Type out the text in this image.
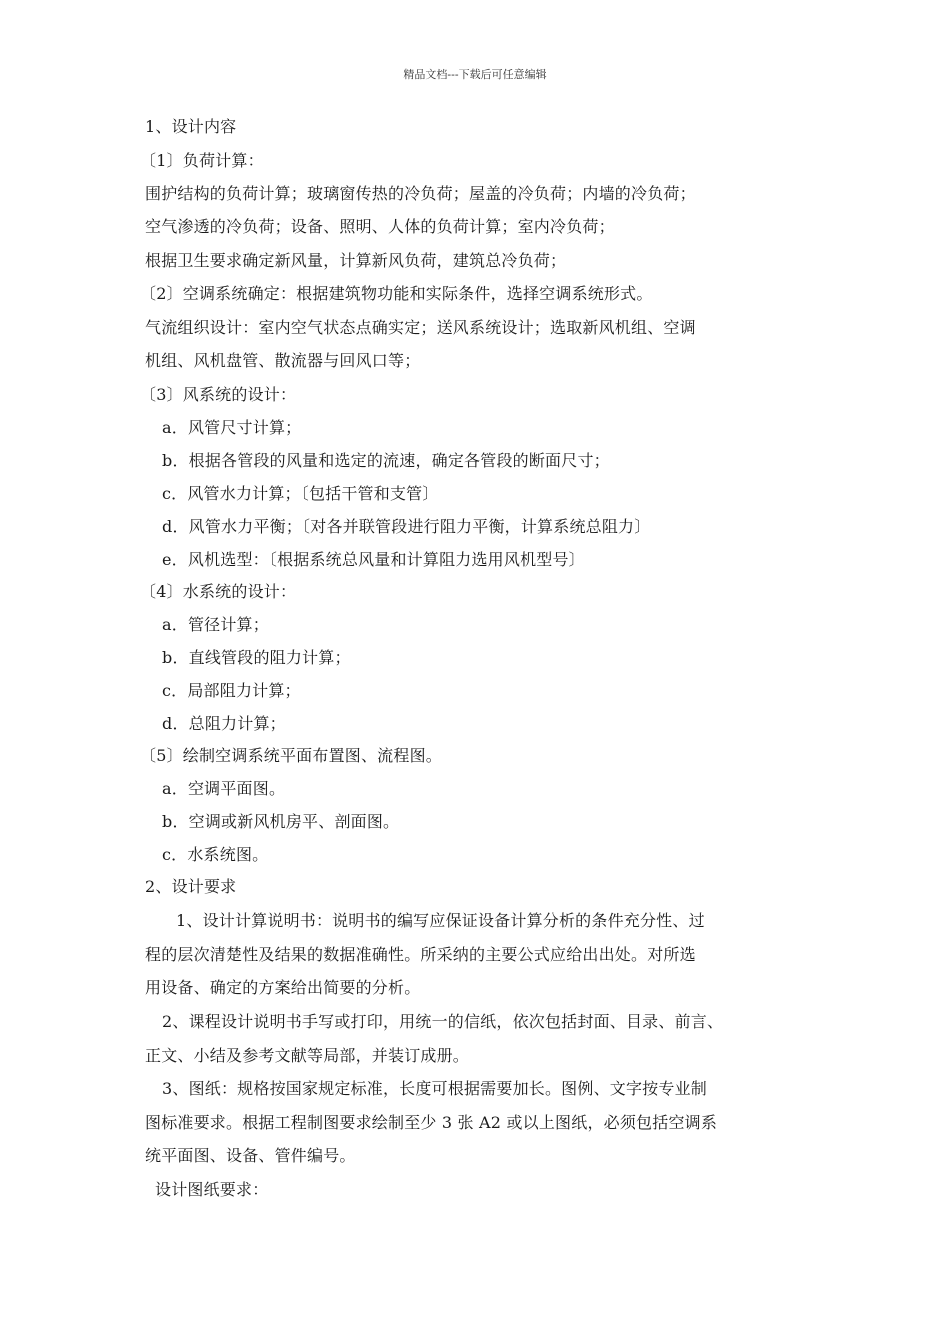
精品文档---下载后可任意编辑
1、设计内容
〔1〕负荷计算：
围护结构的负荷计算；玻璃窗传热的冷负荷；屋盖的冷负荷；内墙的冷负荷；
空气渗透的冷负荷；设备、照明、人体的负荷计算；室内冷负荷；
根据卫生要求确定新风量，计算新风负荷，建筑总冷负荷；
〔2〕空调系统确定：根据建筑物功能和实际条件，选择空调系统形式。
气流组织设计：室内空气状态点确实定；送风系统设计；选取新风机组、空调
机组、风机盘管、散流器与回风口等；
〔3〕风系统的设计：
a．风管尺寸计算；
b．根据各管段的风量和选定的流速，确定各管段的断面尺寸；
c．风管水力计算；〔包括干管和支管〕
d．风管水力平衡；〔对各并联管段进行阻力平衡，计算系统总阻力〕
e．风机选型：〔根据系统总风量和计算阻力选用风机型号〕
〔4〕水系统的设计：
a．管径计算；
b．直线管段的阻力计算；
c．局部阻力计算；
d．总阻力计算；
〔5〕绘制空调系统平面布置图、流程图。
a．空调平面图。
b．空调或新风机房平、剖面图。
c．水系统图。
2、设计要求
1、设计计算说明书：说明书的编写应保证设备计算分析的条件充分性、过
程的层次清楚性及结果的数据准确性。所采纳的主要公式应给出出处。对所选
用设备、确定的方案给出简要的分析。
2、课程设计说明书手写或打印，用统一的信纸，依次包括封面、目录、前言、
正文、小结及参考文献等局部，并装订成册。
3、图纸：规格按国家规定标准，长度可根据需要加长。图例、文字按专业制
图标准要求。根据工程制图要求绘制至少 3 张 A2 或以上图纸，必须包括空调系
统平面图、设备、管件编号。
设计图纸要求：
